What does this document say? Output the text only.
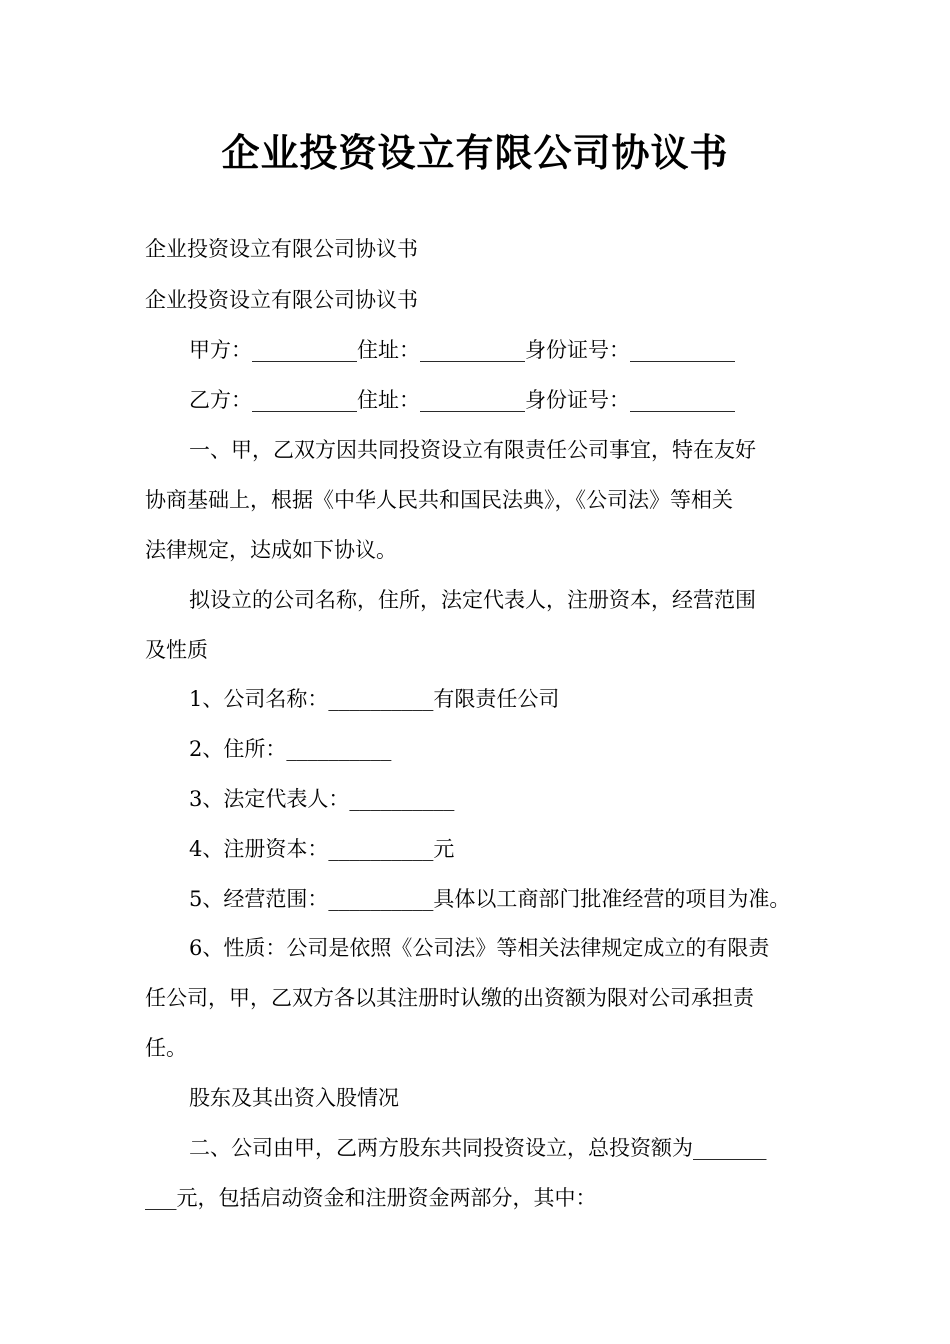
企业投资设立有限公司协议书

企业投资设立有限公司协议书

企业投资设立有限公司协议书

甲方：__________住址：__________身份证号：__________

乙方：__________住址：__________身份证号：__________

一、甲，乙双方因共同投资设立有限责任公司事宜，特在友好

协商基础上，根据《中华人民共和国民法典》，《公司法》等相关

法律规定，达成如下协议。

拟设立的公司名称，住所，法定代表人，注册资本，经营范围

及性质

1、公司名称：__________有限责任公司

2、住所：__________

3、法定代表人：__________

4、注册资本：__________元

5、经营范围：__________具体以工商部门批准经营的项目为准。

6、性质：公司是依照《公司法》等相关法律规定成立的有限责

任公司，甲，乙双方各以其注册时认缴的出资额为限对公司承担责

任。

股东及其出资入股情况

二、公司由甲，乙两方股东共同投资设立，总投资额为_______

___元，包括启动资金和注册资金两部分，其中：
